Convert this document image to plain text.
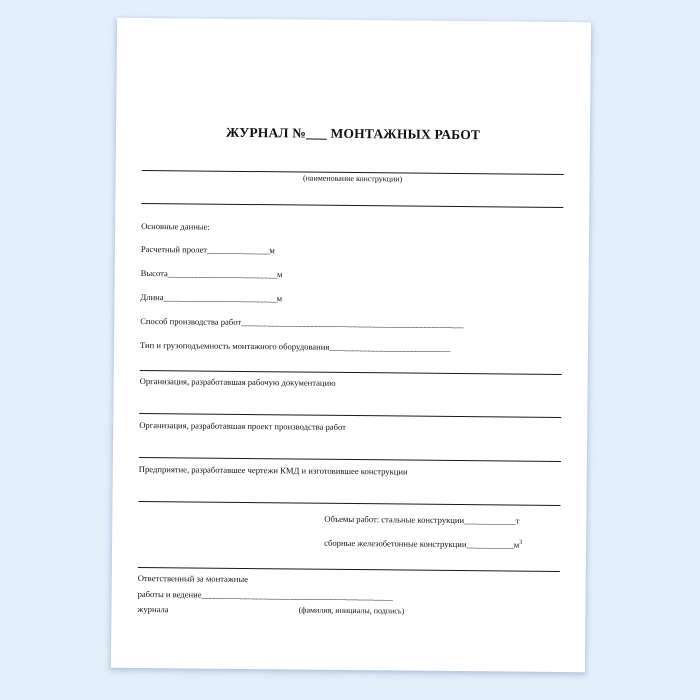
ЖУРНАЛ №___ МОНТАЖНЫХ РАБОТ
(наименование конструкции)
Основные данные:
Расчетный пролет________________м
Высота____________________________м
Длина_____________________________м
Способ производства работ_________________________________________________________
Тип и грузоподъемность монтажного оборудования_______________________________
Организация, разработавшая рабочую документацию
Организация, разработавшая проект производства работ
Предприятие, разработавшее чертежи КМД и изготовившее конструкции
Объемы работ: стальные конструкции____________т
сборные железобетонные $конструкции\_\_\_\_\_\_\_\_\_\_\_м^3$
Ответственный за монтажные
работы и ведение_________________________________________________
журнала	(фамилия, инициалы, подпись)
